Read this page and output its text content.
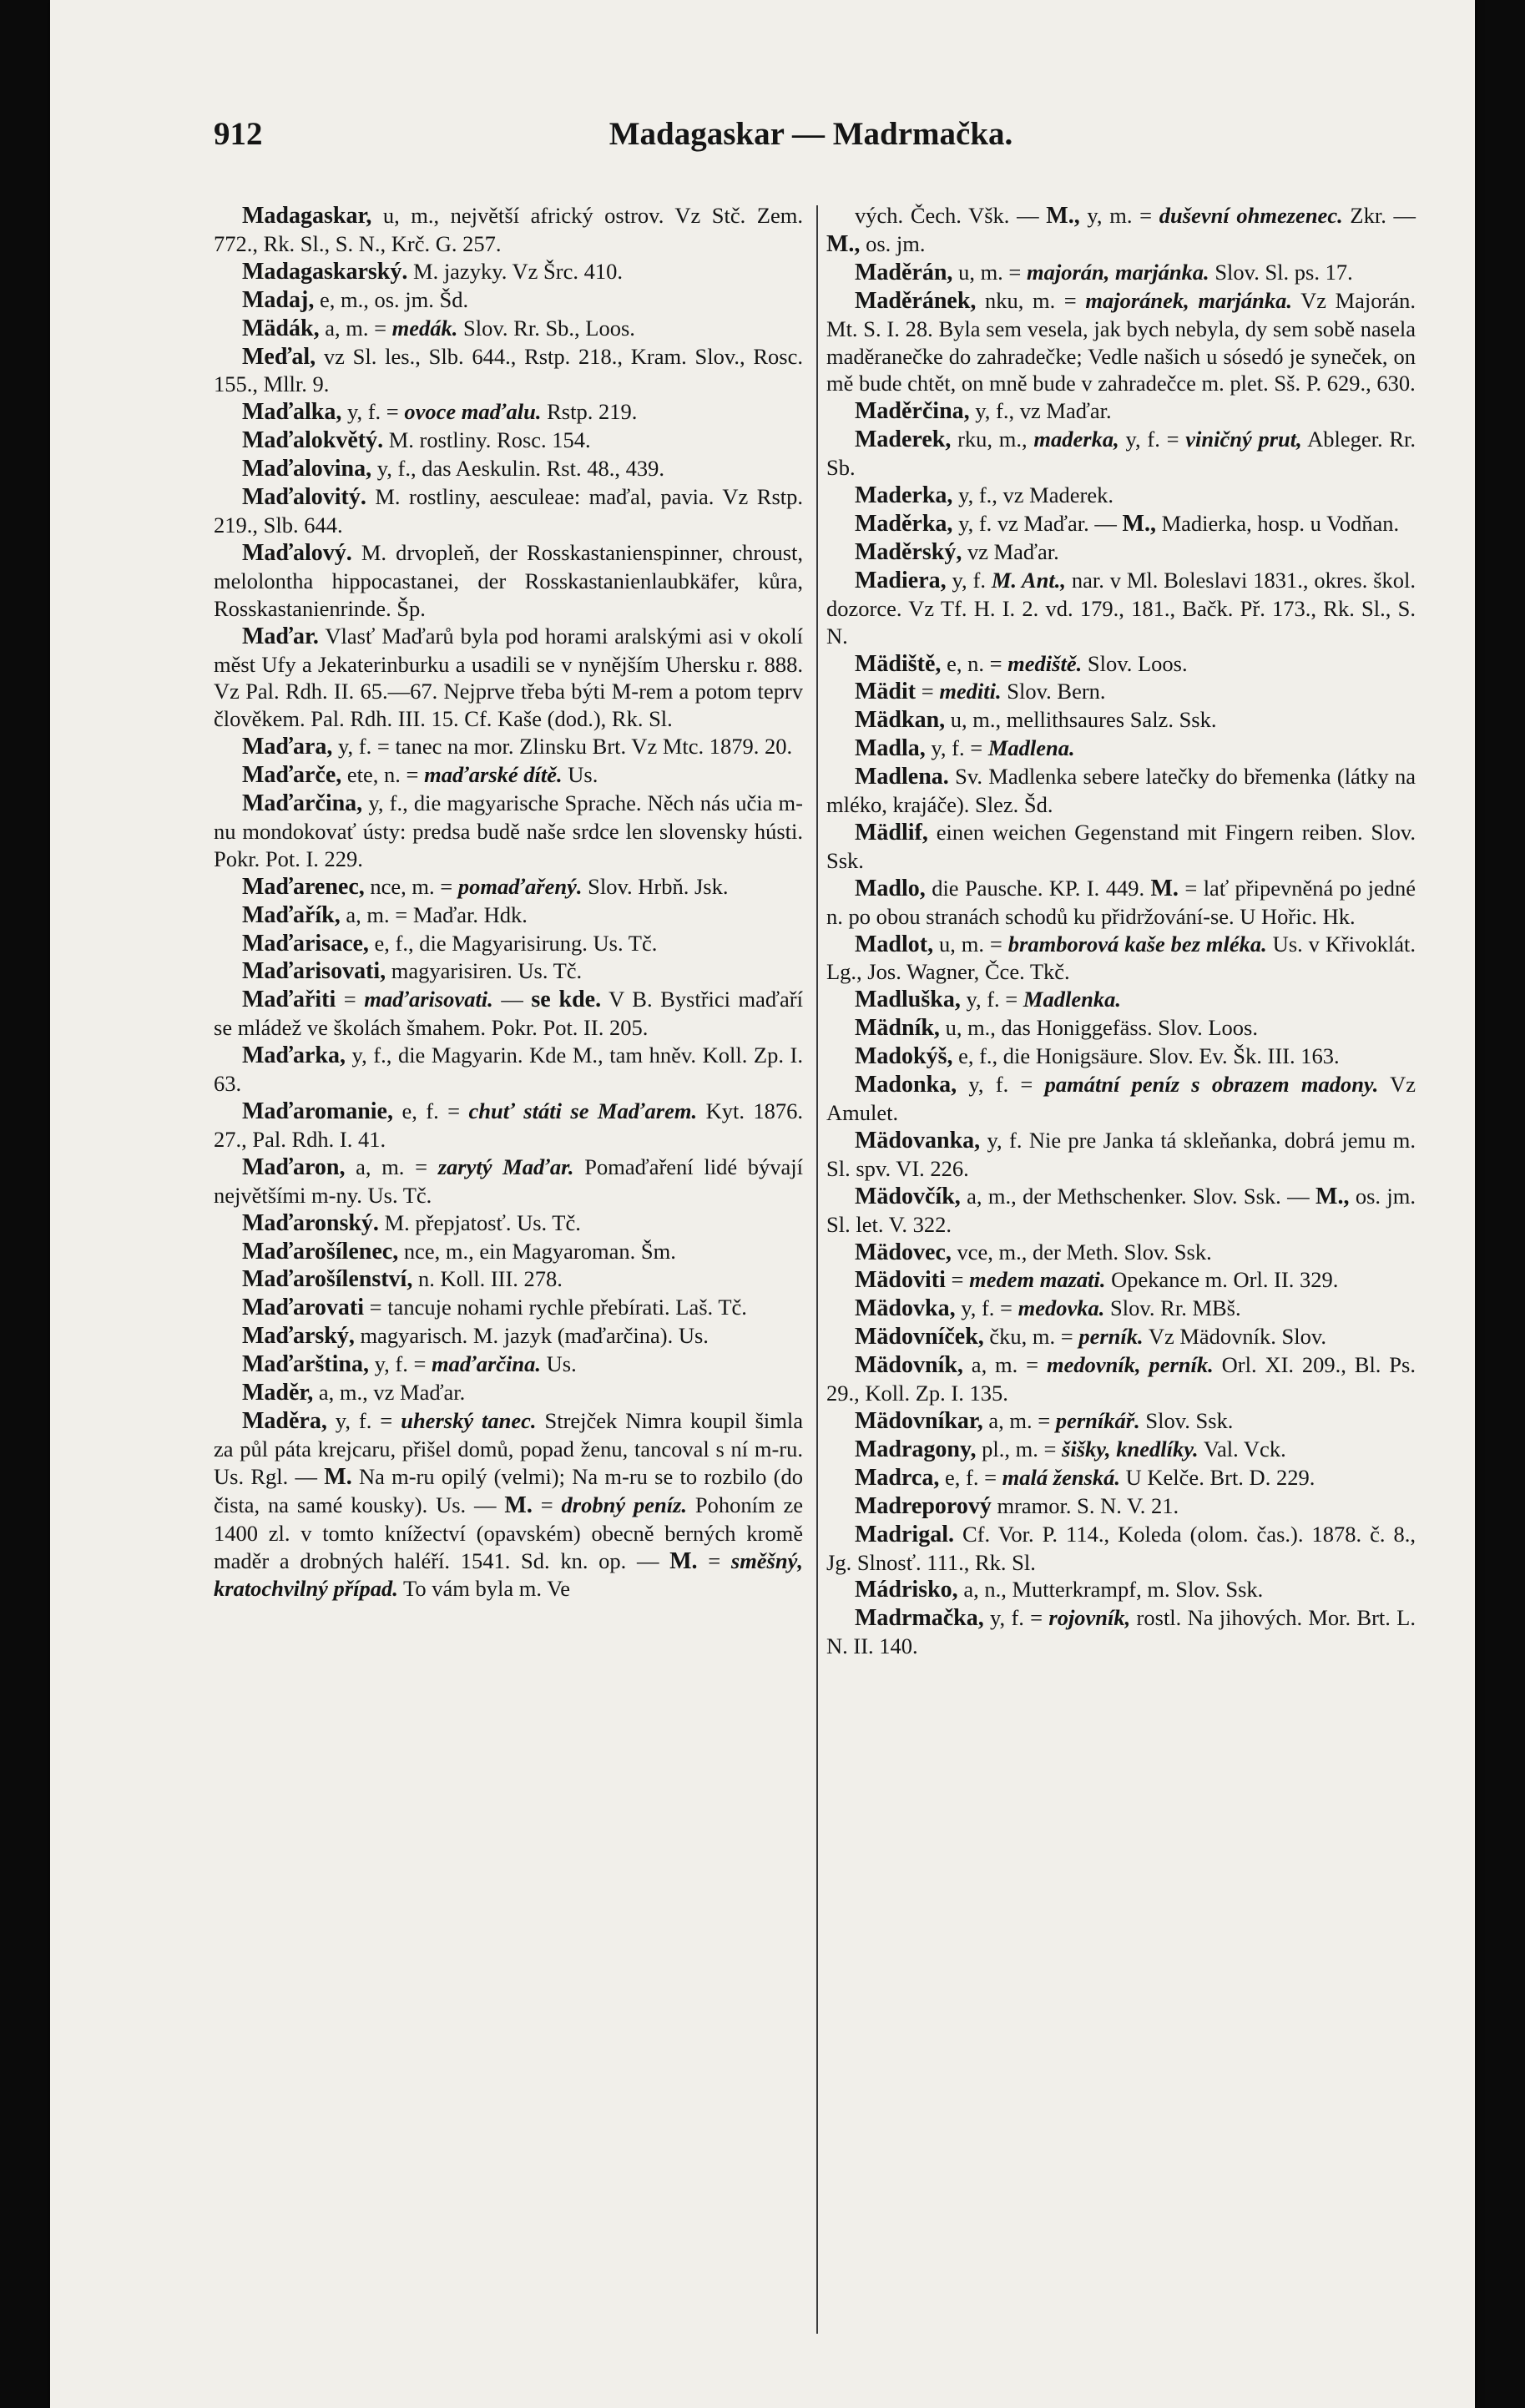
912	Madagaskar — Madrmačka.

Madagaskar, u, m., největší africký ostrov. Vz Stč. Zem. 772., Rk. Sl., S. N., Krč. G. 257.

Madagaskarský. M. jazyky. Vz Šrc. 410.

Madaj, e, m., os. jm. Šd.

Mädák, a, m. = medák. Slov. Rr. Sb., Loos.

Meďal, vz Sl. les., Slb. 644., Rstp. 218., Kram. Slov., Rosc. 155., Mllr. 9.

Maďalka, y, f. = ovoce maďalu. Rstp. 219.

Maďalokvětý. M. rostliny. Rosc. 154.

Maďalovina, y, f., das Aeskulin. Rst. 48., 439.

Maďalovitý. M. rostliny, aesculeae: maďal, pavia. Vz Rstp. 219., Slb. 644.

Maďalový. M. drvopleň, der Rosskastanienspinner, chroust, melolontha hippocastanei, der Rosskastanienlaubkäfer, kůra, Rosskastanienrinde. Šp.

Maďar. Vlasť Maďarů byla pod horami aralskými asi v okolí měst Ufy a Jekaterinburku a usadili se v nynějším Uhersku r. 888. Vz Pal. Rdh. II. 65.—67. Nejprve třeba býti M-rem a potom teprv člověkem. Pal. Rdh. III. 15. Cf. Kaše (dod.), Rk. Sl.

Maďara, y, f. = tanec na mor. Zlinsku Brt. Vz Mtc. 1879. 20.

Maďarče, ete, n. = maďarské dítě. Us.

Maďarčina, y, f., die magyarische Sprache. Něch nás učia m-nu mondokovať ústy: predsa budě naše srdce len slovensky hústi. Pokr. Pot. I. 229.

Maďarenec, nce, m. = pomaďařený. Slov. Hrbň. Jsk.

Maďařík, a, m. = Maďar. Hdk.

Maďarisace, e, f., die Magyarisirung. Us. Tč.

Maďarisovati, magyarisiren. Us. Tč.

Maďařiti = maďarisovati. — se kde. V B. Bystřici maďaří se mládež ve školách šmahem. Pokr. Pot. II. 205.

Maďarka, y, f., die Magyarin. Kde M., tam hněv. Koll. Zp. I. 63.

Maďaromanie, e, f. = chuť státi se Maďarem. Kyt. 1876. 27., Pal. Rdh. I. 41.

Maďaron, a, m. = zarytý Maďar. Pomaďaření lidé bývají největšími m-ny. Us. Tč.

Maďaronský. M. přepjatosť. Us. Tč.

Maďarošílenec, nce, m., ein Magyaroman. Šm.

Maďarošílenství, n. Koll. III. 278.

Maďarovati = tancuje nohami rychle přebírati. Laš. Tč.

Maďarský, magyarisch. M. jazyk (maďarčina). Us.

Maďarština, y, f. = maďarčina. Us.

Maděr, a, m., vz Maďar.

Maděra, y, f. = uherský tanec. Strejček Nimra koupil šimla za půl páta krejcaru, přišel domů, popad ženu, tancoval s ní m-ru. Us. Rgl. — M. Na m-ru opilý (velmi); Na m-ru se to rozbilo (do čista, na samé kousky). Us. — M. = drobný peníz. Pohoním ze 1400 zl. v tomto knížectví (opavském) obecně berných kromě maděr a drobných haléří. 1541. Sd. kn. op. — M. = směšný, kratochvilný případ. To vám byla m. Ve

vých. Čech. Všk. — M., y, m. = duševní ohmezenec. Zkr. — M., os. jm.

Maděrán, u, m. = majorán, marjánka. Slov. Sl. ps. 17.

Maděránek, nku, m. = majoránek, marjánka. Vz Majorán. Mt. S. I. 28. Byla sem vesela, jak bych nebyla, dy sem sobě nasela maděranečke do zahradečke; Vedle našich u sósedó je syneček, on mě bude chtět, on mně bude v zahradečce m. plet. Sš. P. 629., 630.

Maděrčina, y, f., vz Maďar.

Maderek, rku, m., maderka, y, f. = viničný prut, Ableger. Rr. Sb.

Maderka, y, f., vz Maderek.

Maděrka, y, f. vz Maďar. — M., Madierka, hosp. u Vodňan.

Maděrský, vz Maďar.

Madiera, y, f. M. Ant., nar. v Ml. Boleslavi 1831., okres. škol. dozorce. Vz Tf. H. I. 2. vd. 179., 181., Bačk. Př. 173., Rk. Sl., S. N.

Mädiště, e, n. = mediště. Slov. Loos.

Mädit = mediti. Slov. Bern.

Mädkan, u, m., mellithsaures Salz. Ssk.

Madla, y, f. = Madlena.

Madlena. Sv. Madlenka sebere latečky do břemenka (látky na mléko, krajáče). Slez. Šd.

Mädlif, einen weichen Gegenstand mit Fingern reiben. Slov. Ssk.

Madlo, die Pausche. KP. I. 449. M. = lať připevněná po jedné n. po obou stranách schodů ku přidržování-se. U Hořic. Hk.

Madlot, u, m. = bramborová kaše bez mléka. Us. v Křivoklát. Lg., Jos. Wagner, Čce. Tkč.

Madluška, y, f. = Madlenka.

Mädník, u, m., das Honiggefäss. Slov. Loos.

Madokýš, e, f., die Honigsäure. Slov. Ev. Šk. III. 163.

Madonka, y, f. = památní peníz s obrazem madony. Vz Amulet.

Mädovanka, y, f. Nie pre Janka tá skleňanka, dobrá jemu m. Sl. spv. VI. 226.

Mädovčík, a, m., der Methschenker. Slov. Ssk. — M., os. jm. Sl. let. V. 322.

Mädovec, vce, m., der Meth. Slov. Ssk.

Mädoviti = medem mazati. Opekance m. Orl. II. 329.

Mädovka, y, f. = medovka. Slov. Rr. MBš.

Mädovníček, čku, m. = perník. Vz Mädovník. Slov.

Mädovník, a, m. = medovník, perník. Orl. XI. 209., Bl. Ps. 29., Koll. Zp. I. 135.

Mädovníkar, a, m. = perníkář. Slov. Ssk.

Madragony, pl., m. = šišky, knedlíky. Val. Vck.

Madrca, e, f. = malá ženská. U Kelče. Brt. D. 229.

Madreporový mramor. S. N. V. 21.

Madrigal. Cf. Vor. P. 114., Koleda (olom. čas.). 1878. č. 8., Jg. Slnosť. 111., Rk. Sl.

Mádrisko, a, n., Mutterkrampf, m. Slov. Ssk.

Madrmačka, y, f. = rojovník, rostl. Na jihových. Mor. Brt. L. N. II. 140.
